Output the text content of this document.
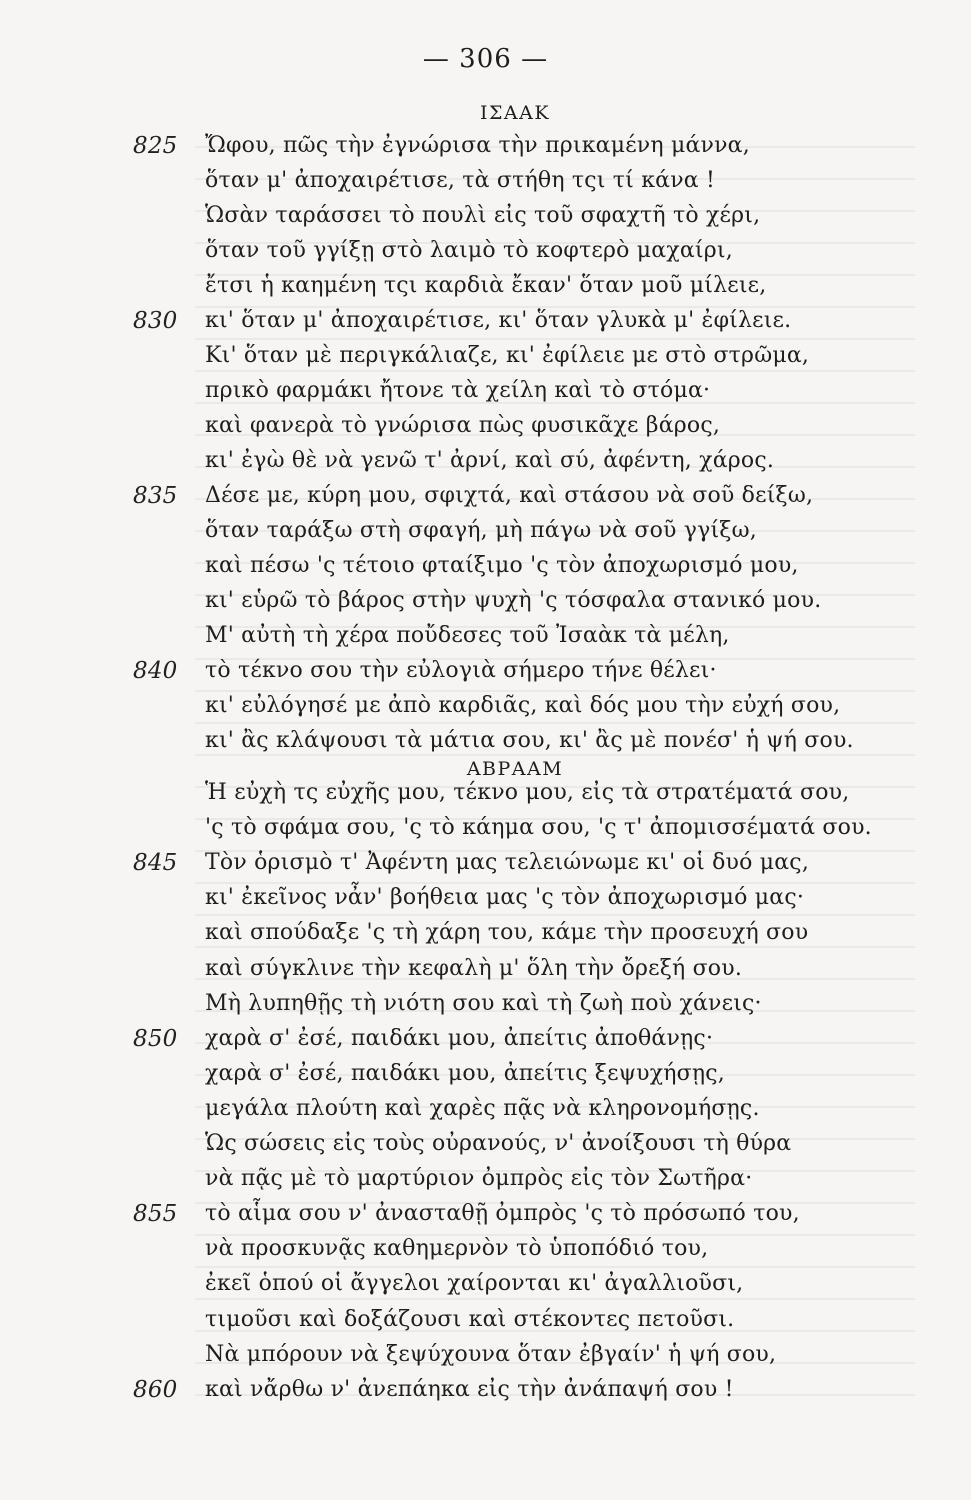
— 306 —
ΙΣΑΑΚ
ΑΒΡΑΑΜ
825	Ὤφου, πῶς τὴν ἐγνώρισα τὴν πρικαμένη μάννα,
ὅταν μ' ἀποχαιρέτισε, τὰ στήθη τςι τί κάνα !
Ὡσὰν ταράσσει τὸ πουλὶ εἰς τοῦ σφαχτῆ τὸ χέρι,
ὅταν τοῦ γγίξῃ στὸ λαιμὸ τὸ κοφτερὸ μαχαίρι,
ἔτσι ἡ καημένη τςι καρδιὰ ἔκαν' ὅταν μοῦ μίλειε,
830	κι' ὅταν μ' ἀποχαιρέτισε, κι' ὅταν γλυκὰ μ' ἐφίλειε.
Κι' ὅταν μὲ περιγκάλιαζε, κι' ἐφίλειε με στὸ στρῶμα,
πρικὸ φαρμάκι ἤτονε τὰ χείλη καὶ τὸ στόμα·
καὶ φανερὰ τὸ γνώρισα πὼς φυσικᾶχε βάρος,
κι' ἐγὼ θὲ νὰ γενῶ τ' ἀρνί, καὶ σύ, ἀφέντη, χάρος.
835	Δέσε με, κύρη μου, σφιχτά, καὶ στάσου νὰ σοῦ δείξω,
ὅταν ταράξω στὴ σφαγή, μὴ πάγω νὰ σοῦ γγίξω,
καὶ πέσω 'ς τέτοιο φταίξιμο 'ς τὸν ἀποχωρισμό μου,
κι' εὑρῶ τὸ βάρος στὴν ψυχὴ 'ς τόσφαλα στανικό μου.
Μ' αὐτὴ τὴ χέρα ποὔδεσες τοῦ Ἰσαὰκ τὰ μέλη,
840	τὸ τέκνο σου τὴν εὐλογιὰ σήμερο τήνε θέλει·
κι' εὐλόγησέ με ἀπὸ καρδιᾶς, καὶ δός μου τὴν εὐχή σου,
κι' ἂς κλάψουσι τὰ μάτια σου, κι' ἂς μὲ πονέσ' ἡ ψή σου.
Ἡ εὐχὴ τς εὐχῆς μου, τέκνο μου, εἰς τὰ στρατέματά σου,
'ς τὸ σφάμα σου, 'ς τὸ κάημα σου, 'ς τ' ἀπομισσέματά σου.
845	Τὸν ὁρισμὸ τ' Ἀφέντη μας τελειώνωμε κι' οἱ δυό μας,
κι' ἐκεῖνος νἆν' βοήθεια μας 'ς τὸν ἀποχωρισμό μας·
καὶ σπούδαξε 'ς τὴ χάρη του, κάμε τὴν προσευχή σου
καὶ σύγκλινε τὴν κεφαλὴ μ' ὅλη τὴν ὄρεξή σου.
Μὴ λυπηθῇς τὴ νιότη σου καὶ τὴ ζωὴ ποὺ χάνεις·
850	χαρὰ σ' ἐσέ, παιδάκι μου, ἀπείτις ἀποθάνῃς·
χαρὰ σ' ἐσέ, παιδάκι μου, ἀπείτις ξεψυχήσῃς,
μεγάλα πλούτη καὶ χαρὲς πᾷς νὰ κληρονομήσῃς.
Ὡς σώσεις εἰς τοὺς οὐρανούς, ν' ἀνοίξουσι τὴ θύρα
νὰ πᾷς μὲ τὸ μαρτύριον ὀμπρὸς εἰς τὸν Σωτῆρα·
855	τὸ αἷμα σου ν' ἀνασταθῇ ὀμπρὸς 'ς τὸ πρόσωπό του,
νὰ προσκυνᾷς καθημερνὸν τὸ ὑποπόδιό του,
ἐκεῖ ὁπού οἱ ἄγγελοι χαίρονται κι' ἀγαλλιοῦσι,
τιμοῦσι καὶ δοξάζουσι καὶ στέκοντες πετοῦσι.
Νὰ μπόρουν νὰ ξεψύχουνα ὅταν ἐβγαίν' ἡ ψή σου,
860	καὶ νἄρθω ν' ἀνεπάηκα εἰς τὴν ἀνάπαψή σου !
